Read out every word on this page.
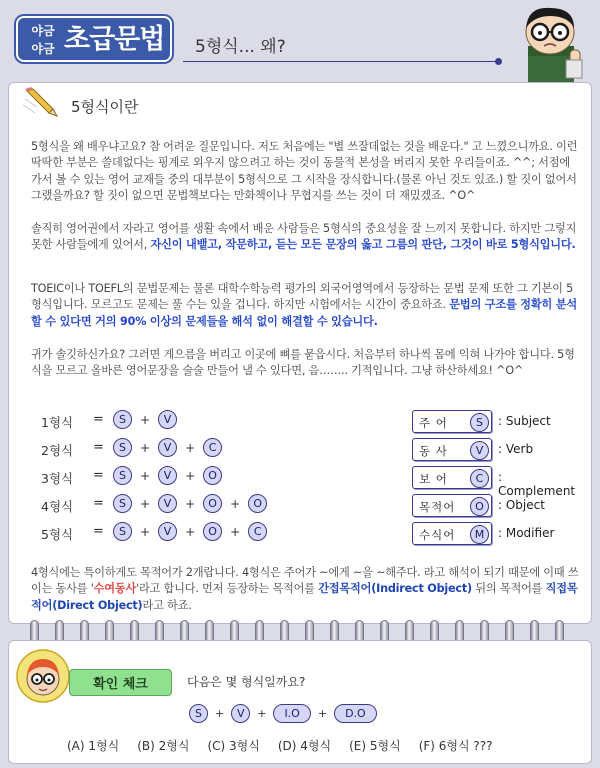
야금
야금 초급문법 5형식... 왜?
5형식이란
5형식을 왜 배우냐고요? 참 어려운 질문입니다. 저도 처음에는 "별 쓰잘데없는 것을 배운다." 고 느꼈으니까요. 이런 딱딱한 부분은 쓸데없다는 핑계로 외우지 않으려고 하는 것이 동물적 본성을 버리지 못한 우리들이죠. ^^; 서점에 가서 볼 수 있는 영어 교재들 중의 대부분이 5형식으로 그 시작을 장식합니다.(물론 아닌 것도 있죠.) 할 짓이 없어서 그랬을까요? 할 짓이 없으면 문법책보다는 만화책이나 무협지를 쓰는 것이 더 재밌겠죠. ^O^
솔직히 영어권에서 자라고 영어를 생활 속에서 배운 사람들은 5형식의 중요성을 잘 느끼지 못합니다. 하지만 그렇지 못한 사람들에게 있어서, 자신이 내뱉고, 작문하고, 듣는 모든 문장의 옳고 그름의 판단, 그것이 바로 5형식입니다.
TOEIC이나 TOEFL의 문법문제는 물론 대학수학능력 평가의 외국어영역에서 등장하는 문법 문제 또한 그 기본이 5형식입니다. 모르고도 문제는 풀 수는 있을 겁니다. 하지만 시험에서는 시간이 중요하죠. 문법의 구조를 정확히 분석할 수 있다면 거의 90% 이상의 문제들을 해석 없이 해결할 수 있습니다.
귀가 솔깃하신가요? 그러면 게으름을 버리고 이곳에 뼈를 묻읍시다. 처음부터 하나씩 몸에 익혀 나가야 합니다. 5형식을 모르고 올바른 영어문장을 술술 만들어 낼 수 있다면, 음…….. 기적입니다. 그냥 하산하세요! ^O^
1형식 =	S	+	V
2형식 =	S	+	V	+	C
3형식 =	S	+	V	+	O
4형식 =	S	+	V	+	O	+	O
5형식 =	S	+	V	+	O	+	C
주 어	S	: Subject
동 사	V	: Verb
보 어	C	: Complement
목적어	O	: Object
수식어	M	: Modifier
4형식에는 특이하게도 목적어가 2개랍니다. 4형식은 주어가 ~에게 ~을 ~해주다. 라고 해석이 되기 때문에 이때 쓰이는 동사를 '수여동사'라고 합니다. 먼저 등장하는 목적어를 간접목적어(Indirect Object) 뒤의 목적어를 직접목적어(Direct Object)라고 하죠.
확인 체크	다음은 몇 형식일까요?
S	+	V	+	I.O	+	D.O
(A) 1형식 (B) 2형식 (C) 3형식 (D) 4형식 (E) 5형식 (F) 6형식 ???
